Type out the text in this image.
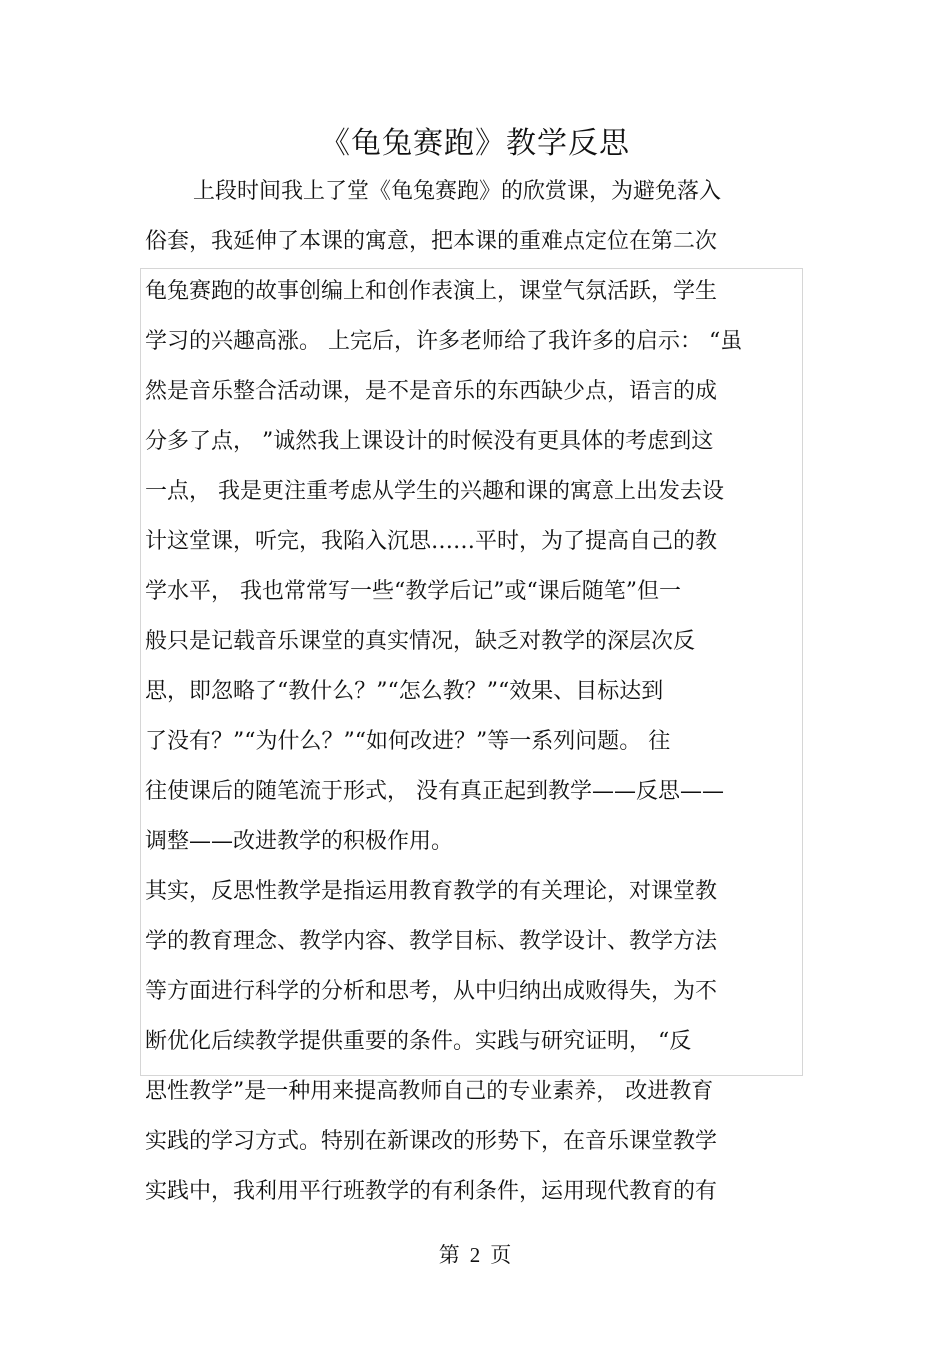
《龟兔赛跑》教学反思
上段时间我上了堂《龟兔赛跑》的欣赏课，为避免落入
俗套，我延伸了本课的寓意，把本课的重难点定位在第二次
龟兔赛跑的故事创编上和创作表演上，课堂气氛活跃，学生
学习的兴趣高涨。 上完后，许多老师给了我许多的启示： “虽
然是音乐整合活动课，是不是音乐的东西缺少点，语言的成
分多了点， ”诚然我上课设计的时候没有更具体的考虑到这
一点， 我是更注重考虑从学生的兴趣和课的寓意上出发去设
计这堂课，听完，我陷入沉思……平时，为了提高自己的教
学水平， 我也常常写一些“教学后记”或“课后随笔”但一
般只是记载音乐课堂的真实情况，缺乏对教学的深层次反
思，即忽略了“教什么？”“怎么教？”“效果、目标达到
了没有？”“为什么？”“如何改进？”等一系列问题。 往
往使课后的随笔流于形式， 没有真正起到教学——反思——
调整——改进教学的积极作用。
其实，反思性教学是指运用教育教学的有关理论，对课堂教
学的教育理念、教学内容、教学目标、教学设计、教学方法
等方面进行科学的分析和思考，从中归纳出成败得失，为不
断优化后续教学提供重要的条件。实践与研究证明， “反
思性教学”是一种用来提高教师自己的专业素养， 改进教育
实践的学习方式。特别在新课改的形势下，在音乐课堂教学
实践中，我利用平行班教学的有利条件，运用现代教育的有
第 2 页
